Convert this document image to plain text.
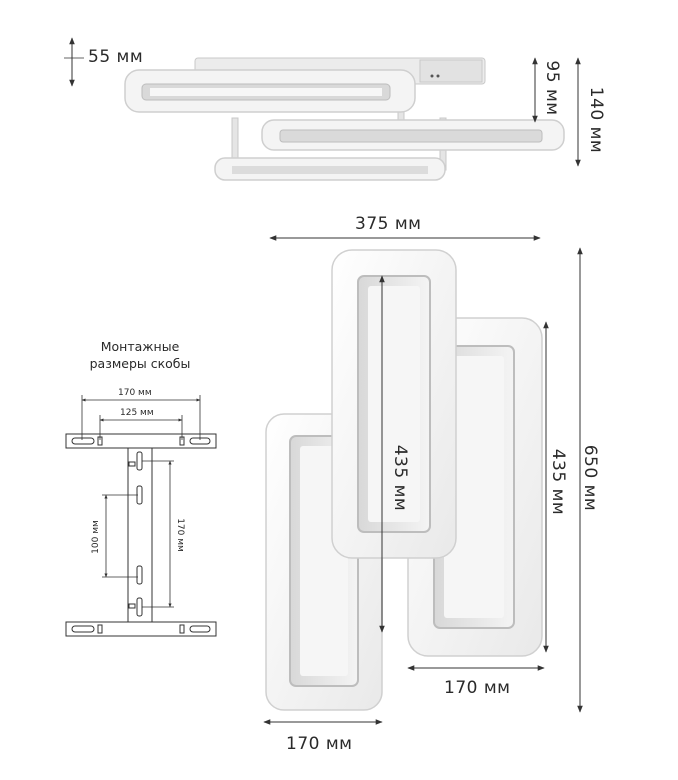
55 мм
95 мм 140 мм
375 мм
650 мм
435 мм	435 мм
170 мм
170 мм
Монтажные
размеры скобы
170 мм
125 мм
100 мм	170 мм
